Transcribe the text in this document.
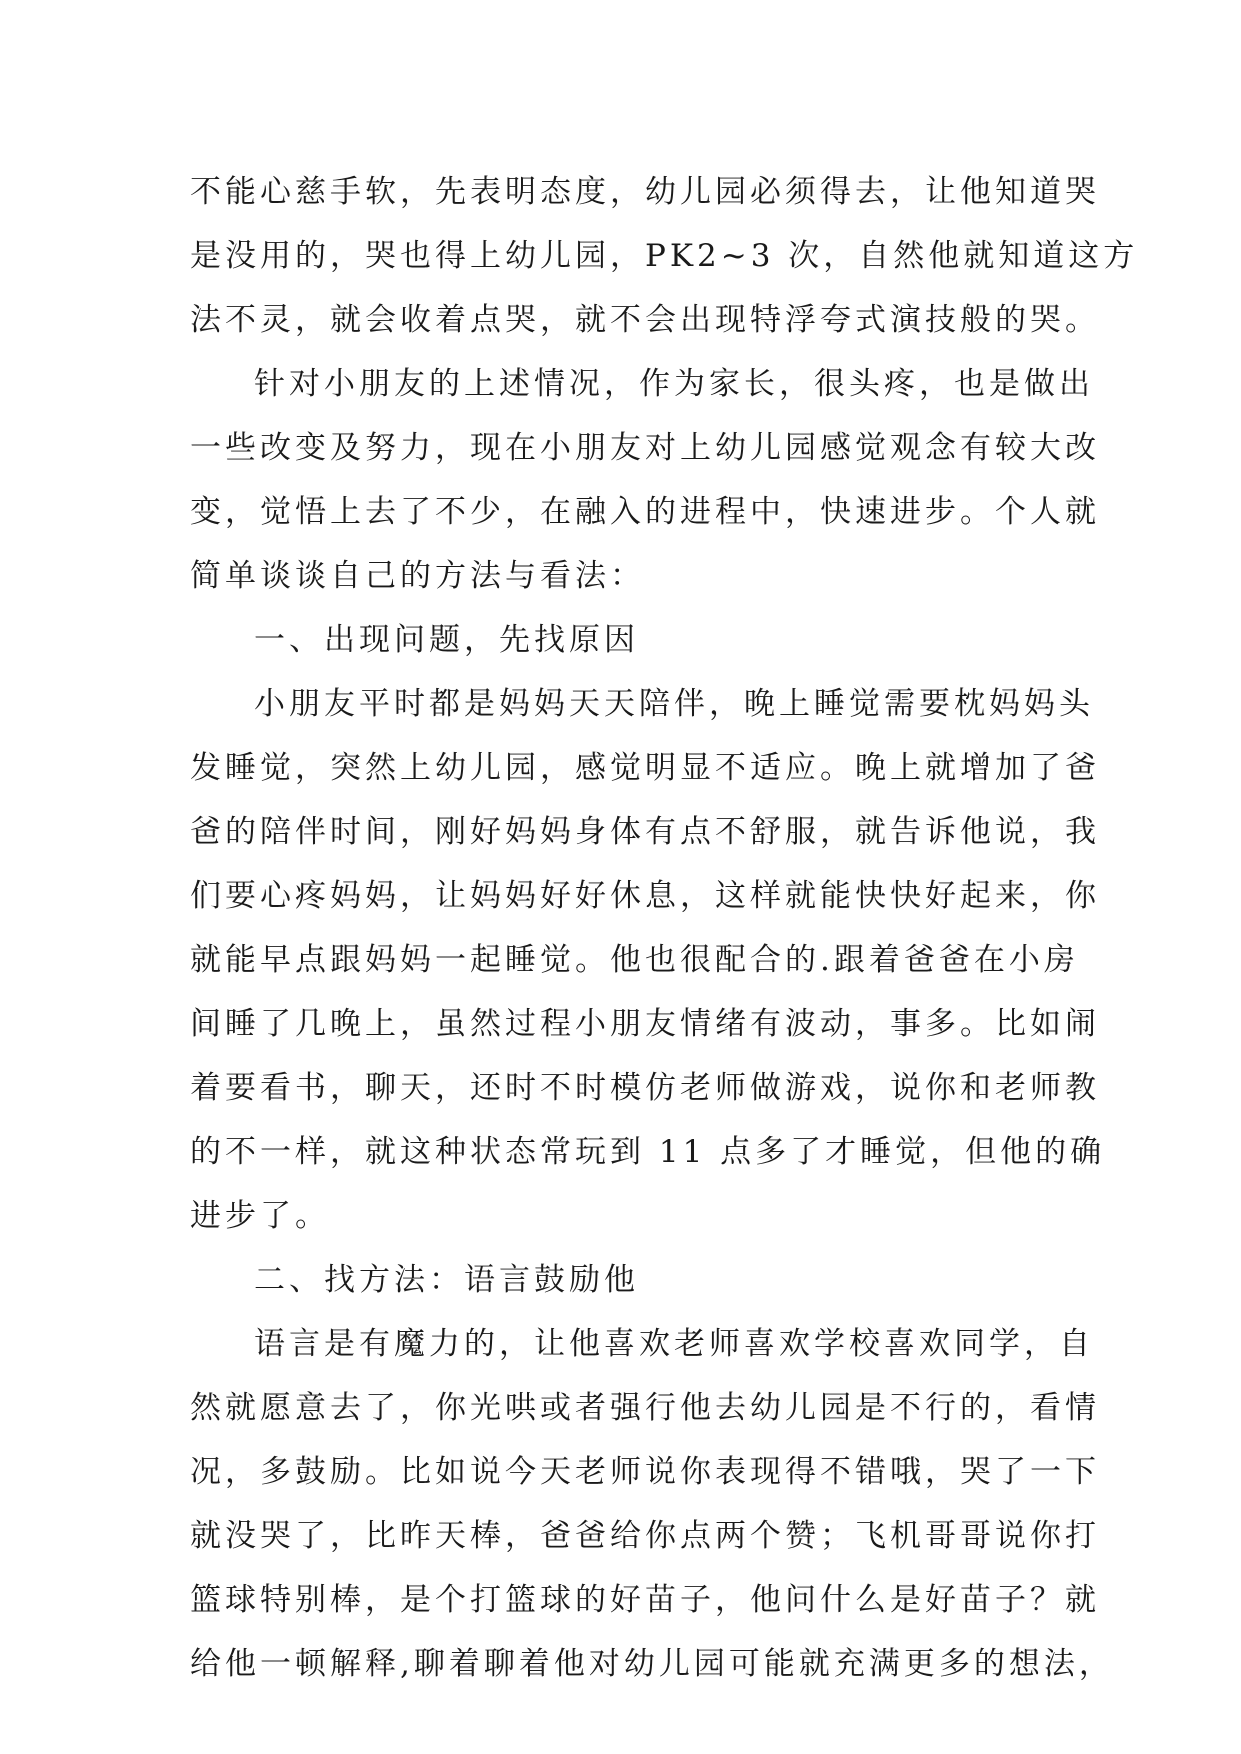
不能心慈手软，先表明态度，幼儿园必须得去，让他知道哭
是没用的，哭也得上幼儿园，PK2~3 次，自然他就知道这方
法不灵，就会收着点哭，就不会出现特浮夸式演技般的哭。
针对小朋友的上述情况，作为家长，很头疼，也是做出
一些改变及努力，现在小朋友对上幼儿园感觉观念有较大改
变，觉悟上去了不少，在融入的进程中，快速进步。个人就
简单谈谈自己的方法与看法：
一、出现问题，先找原因
小朋友平时都是妈妈天天陪伴，晚上睡觉需要枕妈妈头
发睡觉，突然上幼儿园，感觉明显不适应。晚上就增加了爸
爸的陪伴时间，刚好妈妈身体有点不舒服，就告诉他说，我
们要心疼妈妈，让妈妈好好休息，这样就能快快好起来，你
就能早点跟妈妈一起睡觉。他也很配合的.跟着爸爸在小房
间睡了几晚上，虽然过程小朋友情绪有波动，事多。比如闹
着要看书，聊天，还时不时模仿老师做游戏，说你和老师教
的不一样，就这种状态常玩到 11 点多了才睡觉，但他的确
进步了。
二、找方法：语言鼓励他
语言是有魔力的，让他喜欢老师喜欢学校喜欢同学，自
然就愿意去了，你光哄或者强行他去幼儿园是不行的，看情
况，多鼓励。比如说今天老师说你表现得不错哦，哭了一下
就没哭了，比昨天棒，爸爸给你点两个赞；飞机哥哥说你打
篮球特别棒，是个打篮球的好苗子，他问什么是好苗子？就
给他一顿解释,聊着聊着他对幼儿园可能就充满更多的想法，
